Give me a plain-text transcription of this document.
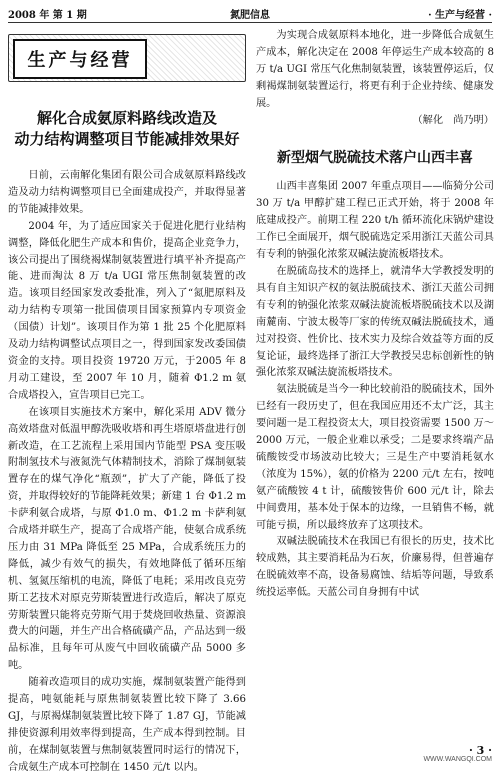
2008 年 第 1 期	氮肥信息	· 生产与经营 ·
生产与经营
解化合成氨原料路线改造及
动力结构调整项目节能减排效果好

日前，云南解化集团有限公司合成氨原料路线改造及动力结构调整项目已全面建成投产，并取得显著的节能减排效果。

2004 年，为了适应国家关于促进化肥行业结构调整，降低化肥生产成本和售价，提高企业竞争力，该公司提出了围绕褐煤制氨装置进行填平补齐提高产能、进而淘汰 8 万 t/a UGI 常压焦制氨装置的改造。该项目经国家发改委批准，列入了“氮肥原料及动力结构专项第一批国债项目国家预算内专项资金（国债）计划”。该项目作为第 1 批 25 个化肥原料及动力结构调整试点项目之一，得到国家发改委国债资金的支持。项目投资 19720 万元，于2005 年 8 月动工建设，至 2007 年 10 月，随着 Φ1.2 m 氨合成塔投入，宣告项目已完工。

在该项目实施技术方案中，解化采用 ADV 微分高效塔盘对低温甲醇洗吸收塔和再生塔原塔盘进行创新改造，在工艺流程上采用国内节能型 PSA 变压吸附制氢技术与液氮洗气体精制技术，消除了煤制氨装置存在的煤气净化“瓶颈”，扩大了产能，降低了投资，并取得较好的节能降耗效果；新建 1 台 Φ1.2 m 卡萨利氨合成塔，与原 Φ1.0 m、Φ1.2 m 卡萨利氨合成塔并联生产，提高了合成塔产能，使氨合成系统压力由 31 MPa 降低至 25 MPa，合成系统压力的降低，减少有效气的损失，有效地降低了循环压缩机、氢氮压缩机的电流，降低了电耗；采用改良克劳斯工艺技术对原克劳斯装置进行改造后，解决了原克劳斯装置只能将克劳斯气用于焚烧回收热量、资源浪费大的问题，并生产出合格硫磺产品，产品达到一级品标准，且每年可从废气中回收硫磺产品 5000 多吨。

随着改造项目的成功实施，煤制氨装置产能得到提高，吨氨能耗与原焦制氨装置比较下降了 3.66 GJ，与原褐煤制氨装置比较下降了 1.87 GJ，节能减排使资源利用效率得到提高，生产成本得到控制。目前，在煤制氨装置与焦制氨装置同时运行的情况下，合成氨生产成本可控制在 1450 元/t 以内。

为实现合成氨原料本地化，进一步降低合成氨生产成本，解化决定在 2008 年停运生产成本较高的 8 万 t/a UGI 常压气化焦制氨装置，该装置停运后，仅剩褐煤制氨装置运行，将更有利于企业持续、健康发展。

（解化　尚乃明）

新型烟气脱硫技术落户山西丰喜

山西丰喜集团 2007 年重点项目——临猗分公司 30 万 t/a 甲醇扩建工程已正式开始，将于 2008 年底建成投产。前期工程 220 t/h 循环流化床锅炉建设工作已全面展开，烟气脱硫选定采用浙江天蓝公司具有专利的钠强化浓浆双碱法旋流板塔技术。

在脱硫岛技术的选择上，就清华大学教授发明的具有自主知识产权的氨法脱硫技术、浙江天蓝公司拥有专利的钠强化浓浆双碱法旋流板塔脱硫技术以及湖南麓南、宁波太极等厂家的传统双碱法脱硫技术，通过对投资、性价比、技术实力及综合效益等方面的反复论证，最终选择了浙江大学教授吴忠标创新性的钠强化浓浆双碱法旋流板塔技术。

氨法脱硫是当今一种比较前沿的脱硫技术，国外已经有一段历史了，但在我国应用还不太广泛，其主要问题一是工程投资太大，项目投资需要 1500 万～2000 万元，一般企业难以承受；二是要求终端产品硫酸铵受市场波动比较大；三是生产中要消耗氨水（浓度为 15%），氨的价格为 2200 元/t 左右，按吨氨产硫酸铵 4 t 计，硫酸铵售价 600 元/t 计，除去中间费用，基本处于保本的边缘，一旦销售不畅，就可能亏损，所以最终放弃了这项技术。

双碱法脱硫技术在我国已有很长的历史，技术比较成熟，其主要消耗品为石灰，价廉易得，但普遍存在脱硫效率不高，设备易腐蚀、结垢等问题，导致系统投运率低。天蓝公司自身拥有中试

· 3 ·
WWW.WANGQI.COM
